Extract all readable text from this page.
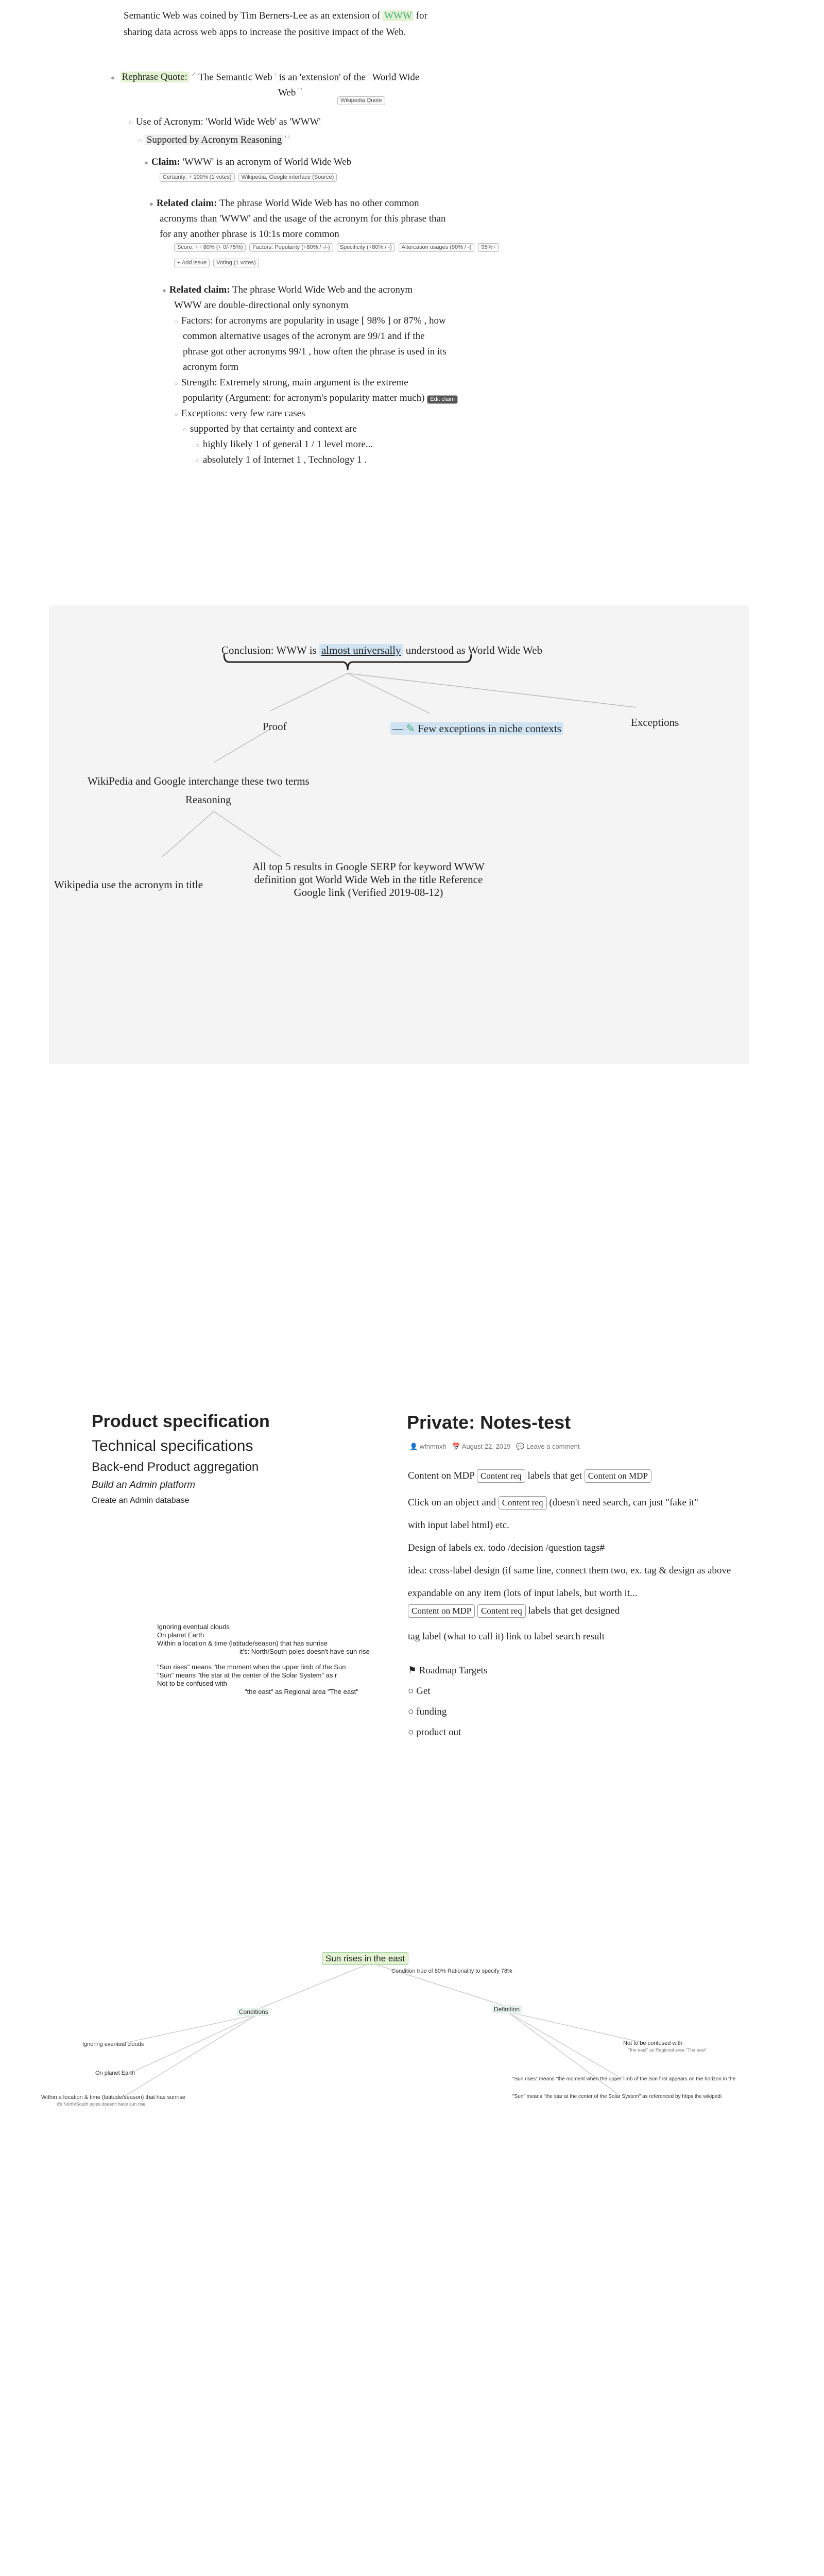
Semantic Web was coined by Tim Berners-Lee as an extension of WWW for
sharing data across web apps to increase the positive impact of the Web.
Wikipedia Quote
● Rephrase Quote: ↗ The Semantic Web $^{^1}$ is an 'extension' of the $^{^1}$ World Wide
Web $^{^1 ^2}$
○ Use of Acronym: 'World Wide Web' as 'WWW'
○ Supported by Acronym Reasoning $^{^1 ^2}$
● Claim: 'WWW' is an acronym of World Wide Web
Certainty: + 100% (1 votes) Wikipedia, Google interface (Source)
● Related claim: The phrase World Wide Web has no other common
acronyms than 'WWW' and the usage of the acronym for this phrase than
for any another phrase is 10:1s more common
Score: ++ 80% (+ 0/-75%) Factors: Popularity (+80% / -/-) Specificity (+80% / -) Altercation usages (90% / -) 95%+
+ Add issue Voting (1 votes)
● Related claim: The phrase World Wide Web and the acronym
WWW are double-directional only synonym
○ Factors: for acronyms are popularity in usage [ 98% ] or 87% , how
common alternative usages of the acronym are 99/1 and if the
phrase got other acronyms 99/1 , how often the phrase is used in its
acronym form
○ Strength: Extremely strong, main argument is the extreme
popularity (Argument: for acronym's popularity matter much) Edit claim
○ Exceptions: very few rare cases
○ supported by that certainty and context are
○ highly likely 1 of general 1 / 1 level more...
○ absolutely 1 of Internet 1 , Technology 1 .
Conclusion: WWW is almost universally understood as World Wide Web
Proof	— ✎ Few exceptions in niche contexts	Exceptions
WikiPedia and Google interchange these two terms
Reasoning
Wikipedia use the acronym in title
All top 5 results in Google SERP for keyword WWW
definition got World Wide Web in the title Reference
Google link (Verified 2019-08-12)
Product specification
Technical specifications
Back-end Product aggregation
Build an Admin platform
Create an Admin database
Private: Notes-test
👤 wfnmnxh 📅 August 22, 2019 💬 Leave a comment
Content on MDP Content req labels that get Content on MDP
Click on an object and Content req (doesn't need search, can just "fake it"
with input label html) etc.
Design of labels ex. todo /decision /question tags#
idea: cross-label design (if same line, connect them two, ex. tag & design as above
expandable on any item (lots of input labels, but worth it...
Content on MDP Content req labels that get designed
tag label (what to call it) link to label search result
⚑ Roadmap Targets
○ Get
○ funding
○ product out
Ignoring eventual clouds
On planet Earth
Within a location & time (latitude/season) that has sunrise
it's: North/South poles doesn't have sun rise
"Sun rises" means "the moment when the upper limb of the Sun
"Sun" means "the star at the center of the Solar System" as r
Not to be confused with
"the east" as Regional area "The east"
Sun rises in the east
Condition true of 80% Rationality to specify 78%
Conditions	Definition
Ignoring eventual clouds
On planet Earth
Within a location & time (latitude/season) that has sunrise
it's North/South poles doesn't have sun rise
Not to be confused with
"the east" as Regional area "The east"
"Sun rises" means "the moment when the upper limb of the Sun first appears on the horizon in the
"Sun" means "the star at the center of the Solar System" as referenced by https the wikipedi
